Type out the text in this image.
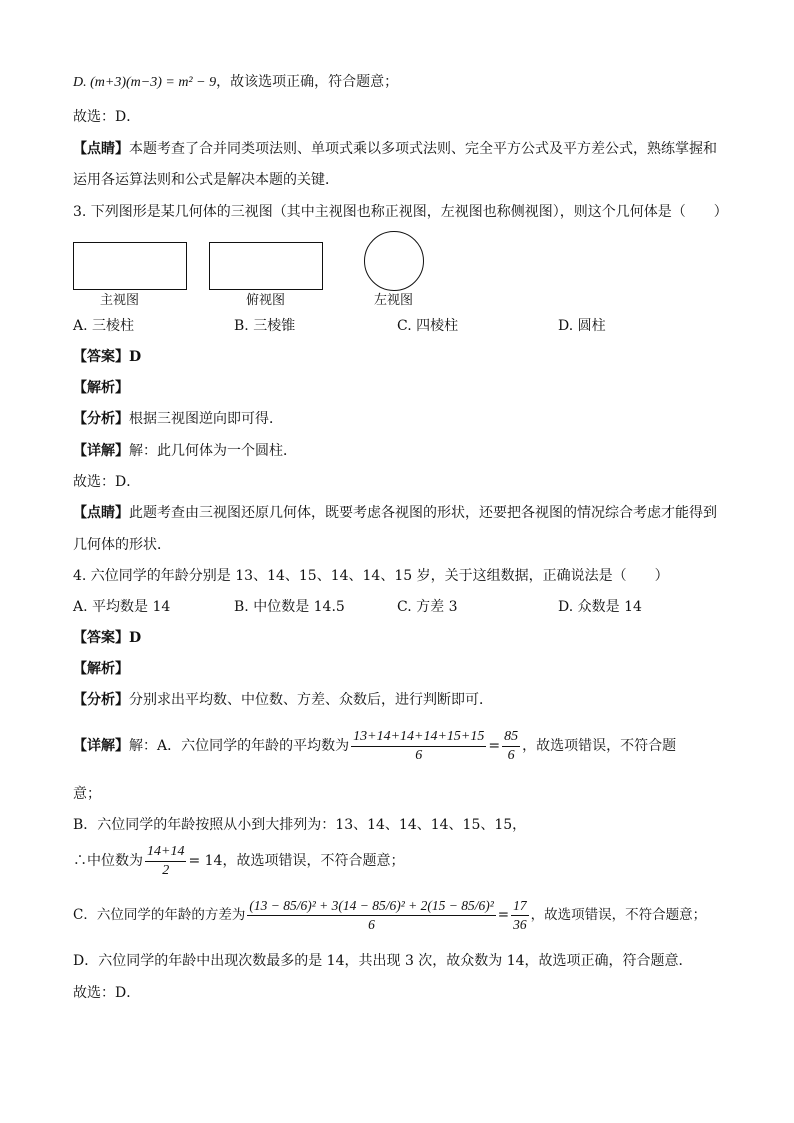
D. (m+3)(m−3) = m² − 9，故该选项正确，符合题意；
故选：D．
【点睛】本题考查了合并同类项法则、单项式乘以多项式法则、完全平方公式及平方差公式，熟练掌握和
运用各运算法则和公式是解决本题的关键．
3. 下列图形是某几何体的三视图（其中主视图也称正视图，左视图也称侧视图），则这个几何体是（　　）
主视图	俯视图	左视图
A. 三棱柱	B. 三棱锥	C. 四棱柱	D. 圆柱
【答案】D
【解析】
【分析】根据三视图逆向即可得．
【详解】解：此几何体为一个圆柱．
故选：D．
【点睛】此题考查由三视图还原几何体，既要考虑各视图的形状，还要把各视图的情况综合考虑才能得到
几何体的形状．
4. 六位同学的年龄分别是 13、14、15、14、14、15 岁，关于这组数据，正确说法是（　　）
A. 平均数是 14	B. 中位数是 14.5	C. 方差 3	D. 众数是 14
【答案】D
【解析】
【分析】分别求出平均数、中位数、方差、众数后，进行判断即可．
【详解】解：A．六位同学的年龄的平均数为 $\frac{13+14+14+14+15+15}{6} = \frac{85}{6}$ ，故选项错误，不符合题
意；
B．六位同学的年龄按照从小到大排列为：13、14、14、14、15、15，
∴中位数为 $\frac{14+14}{2} = 14$，故选项错误，不符合题意；
C．六位同学的年龄的方差为 $\frac{\text{(13 − 85/6)² + 3(14 − 85/6)² + 2(15 − 85/6)²}}{6} = \frac{17}{36}$ ，故选项错误，不符合题意；
D．六位同学的年龄中出现次数最多的是 14，共出现 3 次，故众数为 14，故选项正确，符合题意．
故选：D．
